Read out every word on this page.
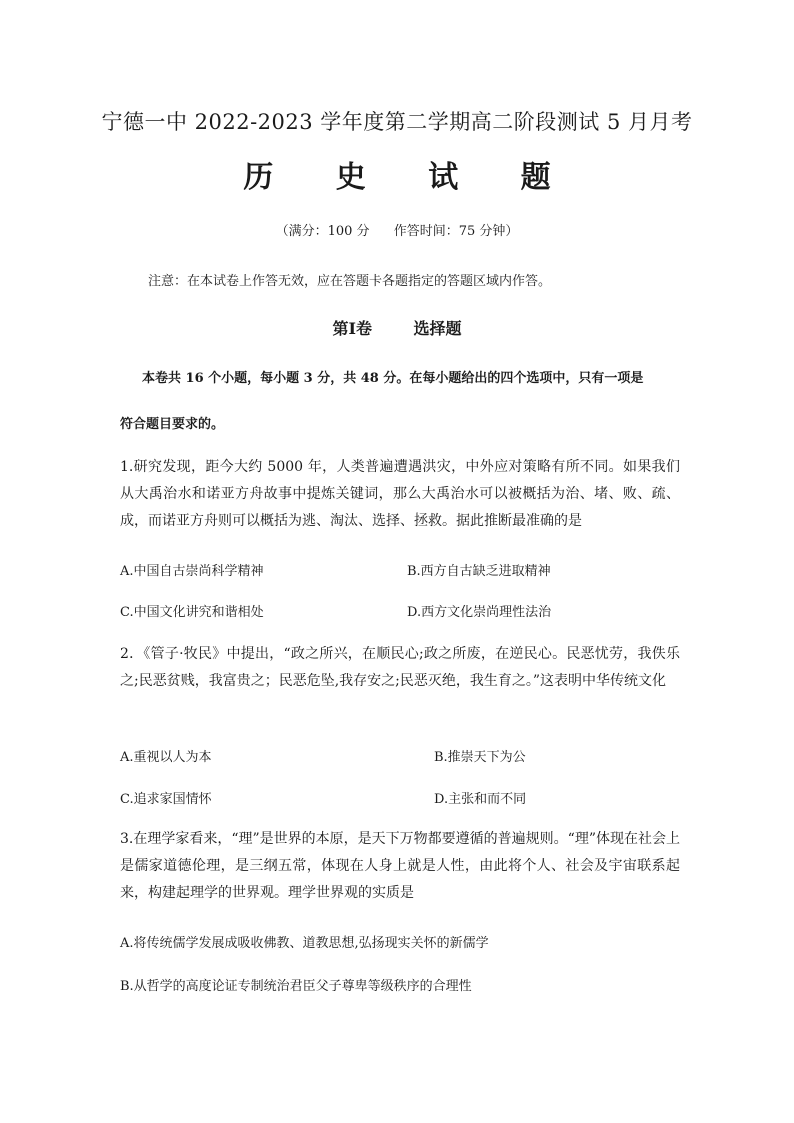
宁德一中 2022-2023 学年度第二学期高二阶段测试 5 月月考
历 史 试 题
（满分：100 分 作答时间：75 分钟）
注意：在本试卷上作答无效，应在答题卡各题指定的答题区域内作答。
第Ⅰ卷	选择题
本卷共 16 个小题，每小题 3 分，共 48 分。在每小题给出的四个选项中，只有一项是
符合题目要求的。
1.研究发现，距今大约 5000 年，人类普遍遭遇洪灾，中外应对策略有所不同。如果我们从大禹治水和诺亚方舟故事中提炼关键词，那么大禹治水可以被概括为治、堵、败、疏、成，而诺亚方舟则可以概括为逃、淘汰、选择、拯救。据此推断最准确的是
A.中国自古崇尚科学精神	B.西方自古缺乏进取精神
C.中国文化讲究和谐相处	D.西方文化崇尚理性法治
2．《管子·牧民》中提出，“政之所兴，在顺民心;政之所废，在逆民心。民恶忧劳，我佚乐之;民恶贫贱，我富贵之；民恶危坠,我存安之;民恶灭绝，我生育之。”这表明中华传统文化
A.重视以人为本	B.推崇天下为公
C.追求家国情怀	D.主张和而不同
3.在理学家看来，“理”是世界的本原，是天下万物都要遵循的普遍规则。“理”体现在社会上是儒家道德伦理，是三纲五常，体现在人身上就是人性，由此将个人、社会及宇宙联系起来，构建起理学的世界观。理学世界观的实质是
A.将传统儒学发展成吸收佛教、道教思想,弘扬现实关怀的新儒学
B.从哲学的高度论证专制统治君臣父子尊卑等级秩序的合理性
